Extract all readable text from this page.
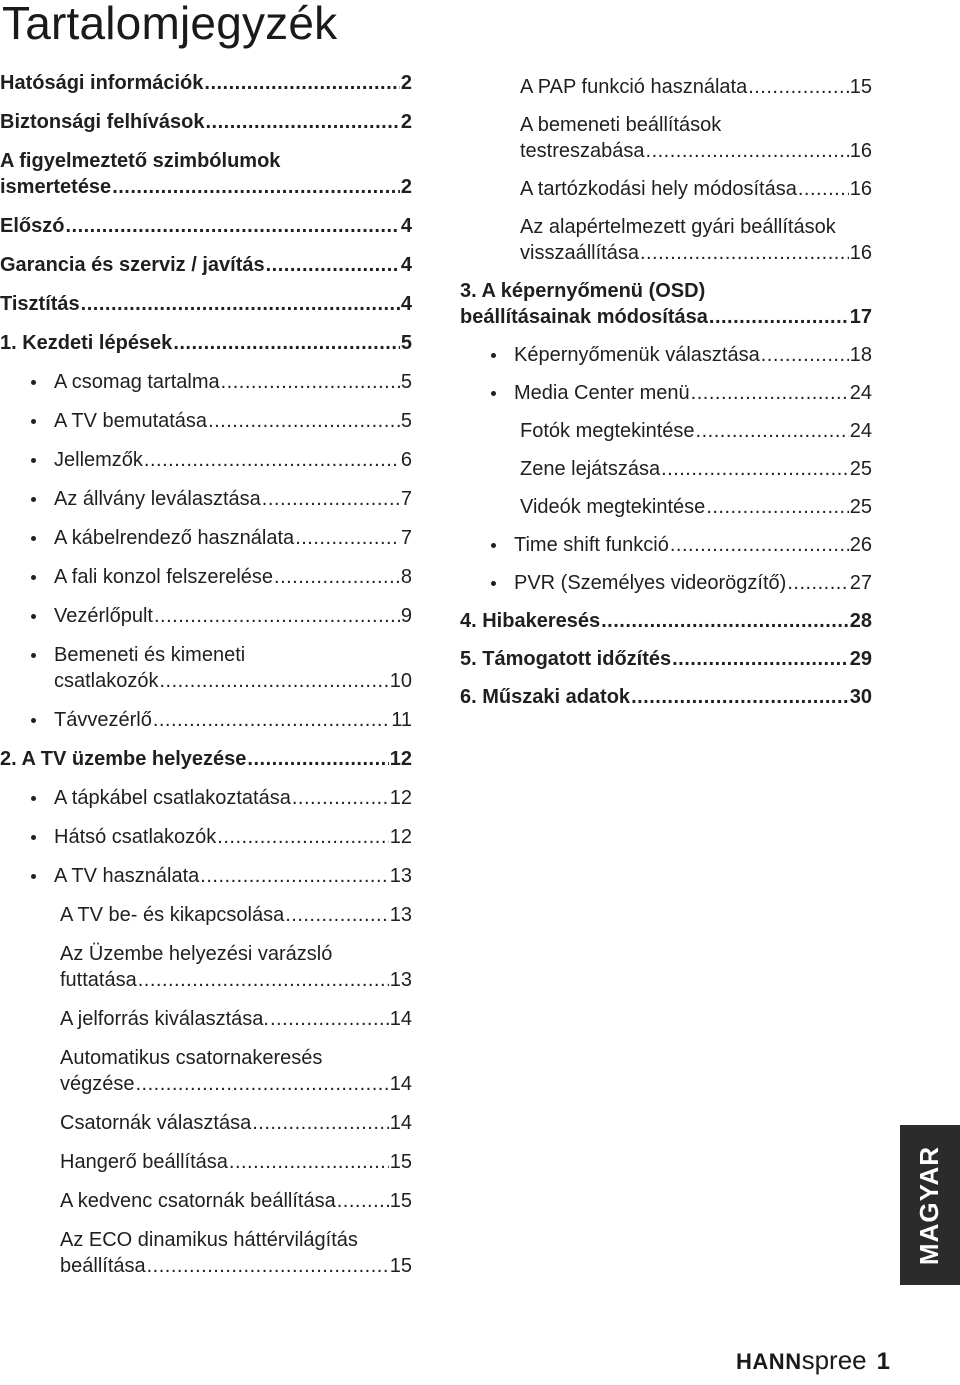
Tartalomjegyzék
Hatósági információk .....	2
Biztonsági felhívások .....	2
A figyelmeztető szimbólumok
ismertetése .....	2
Előszó .....	4
Garancia és szerviz / javítás .....	4
Tisztítás .....	4
1. Kezdeti lépések .....	5
A csomag tartalma .....	5
A TV bemutatása .....	5
Jellemzők .....	6
Az állvány leválasztása .....	7
A kábelrendező használata .....	7
A fali konzol felszerelése .....	8
Vezérlőpult .....	9
Bemeneti és kimeneti
csatlakozók .....	10
Távvezérlő .....	11
2. A TV üzembe helyezése .....	12
A tápkábel csatlakoztatása .....	12
Hátsó csatlakozók .....	12
A TV használata .....	13
A TV be- és kikapcsolása .....	13
Az Üzembe helyezési varázsló
futtatása .....	13
A jelforrás kiválasztása. .....	14
Automatikus csatornakeresés
végzése .....	14
Csatornák választása .....	14
Hangerő beállítása .....	15
A kedvenc csatornák beállítása .....	15
Az ECO dinamikus háttérvilágítás
beállítása .....	15
A PAP funkció használata .....	15
A bemeneti beállítások
testreszabása .....	16
A tartózkodási hely módosítása .....	16
Az alapértelmezett gyári beállítások
visszaállítása .....	16
3. A képernyőmenü (OSD)
beállításainak módosítása .....	17
Képernyőmenük választása .....	18
Media Center menü .....	24
Fotók megtekintése .....	24
Zene lejátszása .....	25
Videók megtekintése .....	25
Time shift funkció .....	26
PVR (Személyes videorögzítő) .....	27
4. Hibakeresés .....	28
5. Támogatott időzítés .....	29
6. Műszaki adatok .....	30
MAGYAR
HANN spree 1
